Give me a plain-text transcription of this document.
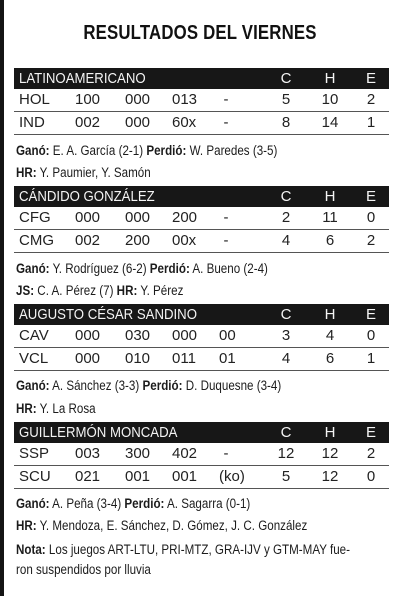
RESULTADOS DEL VIERNES
LATINOAMERICANO	C	H	E
HOL 100 000 013	-	5	10	2
IND 002 000 60x	-	8	14	1
Ganó: E. A. García (2-1) Perdió: W. Paredes (3-5)
HR: Y. Paumier, Y. Samón
CÁNDIDO GONZÁLEZ	C	H	E
CFG 000 000 200	-	2	11	0
CMG 002 200 00x	-	4	6	2
Ganó: Y. Rodríguez (6-2) Perdió: A. Bueno (2-4)
JS: C. A. Pérez (7) HR: Y. Pérez
AUGUSTO CÉSAR SANDINO	C	H	E
CAV 000 030 000 00	3	4	0
VCL 000 010 011 01	4	6	1
Ganó: A. Sánchez (3-3) Perdió: D. Duquesne (3-4)
HR: Y. La Rosa
GUILLERMÓN MONCADA	C	H	E
SSP 003 300 402	-	12	12	2
SCU 021 001 001 (ko)	5	12	0
Ganó: A. Peña (3-4) Perdió: A. Sagarra (0-1)
HR: Y. Mendoza, E. Sánchez, D. Gómez, J. C. González
Nota: Los juegos ART-LTU, PRI-MTZ, GRA-IJV y GTM-MAY fue-
ron suspendidos por lluvia
